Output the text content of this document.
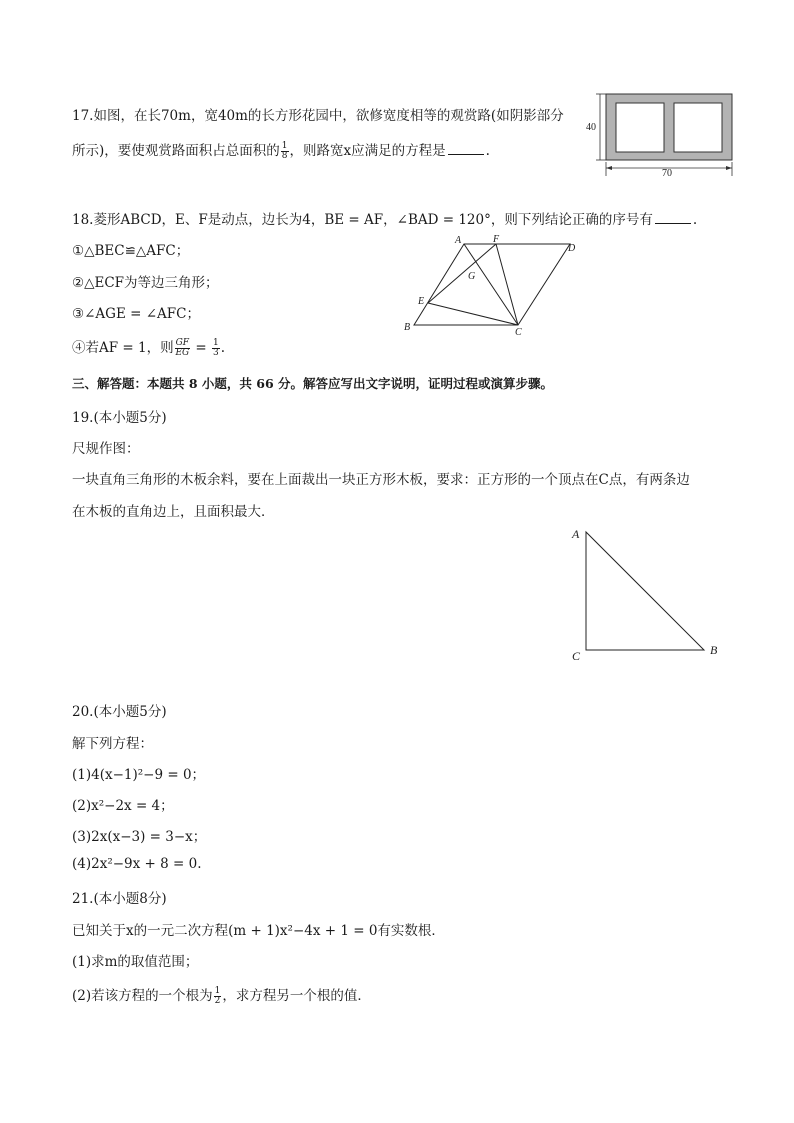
17.如图，在长70m，宽40m的长方形花园中，欲修宽度相等的观赏路(如阴影部分
所示)，要使观赏路面积占总面积的 $\frac{1}{8}$ ，则路宽x应满足的方程是	.
40
70
18.菱形ABCD，E、F是动点，边长为4，BE = AF，∠BAD = 120°，则下列结论正确的序号有	.
①△BEC≌△AFC；
②△ECF为等边三角形；
③∠AGE = ∠AFC；
④若AF = 1，则 $\frac{GF}{EG} = \frac{1}{3}$ .
A	F
D
G
E
B	C
三、解答题：本题共 8 小题，共 66 分。解答应写出文字说明，证明过程或演算步骤。
19.(本小题5分)
尺规作图：
一块直角三角形的木板余料，要在上面裁出一块正方形木板，要求：正方形的一个顶点在C点，有两条边
在木板的直角边上，且面积最大．
A
B
C
20.(本小题5分)
解下列方程：
(1)4(x−1)²−9 = 0；
(2)x²−2x = 4；
(3)2x(x−3) = 3−x；
(4)2x²−9x + 8 = 0.
21.(本小题8分)
已知关于x的一元二次方程(m + 1)x²−4x + 1 = 0有实数根．
(1)求m的取值范围；
(2)若该方程的一个根为 $\frac{1}{2}$ ，求方程另一个根的值．
